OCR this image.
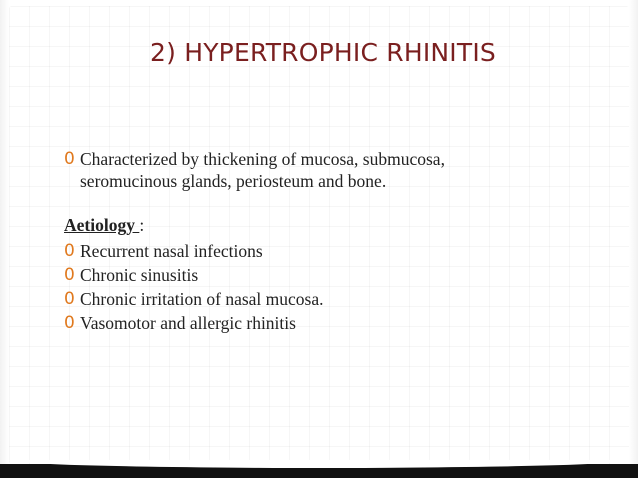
2) HYPERTROPHIC RHINITIS
0 Characterized by thickening of mucosa, submucosa,
seromucinous glands, periosteum and bone.
Aetiology :
0 Recurrent nasal infections
0 Chronic sinusitis
0 Chronic irritation of nasal mucosa.
0 Vasomotor and allergic rhinitis
